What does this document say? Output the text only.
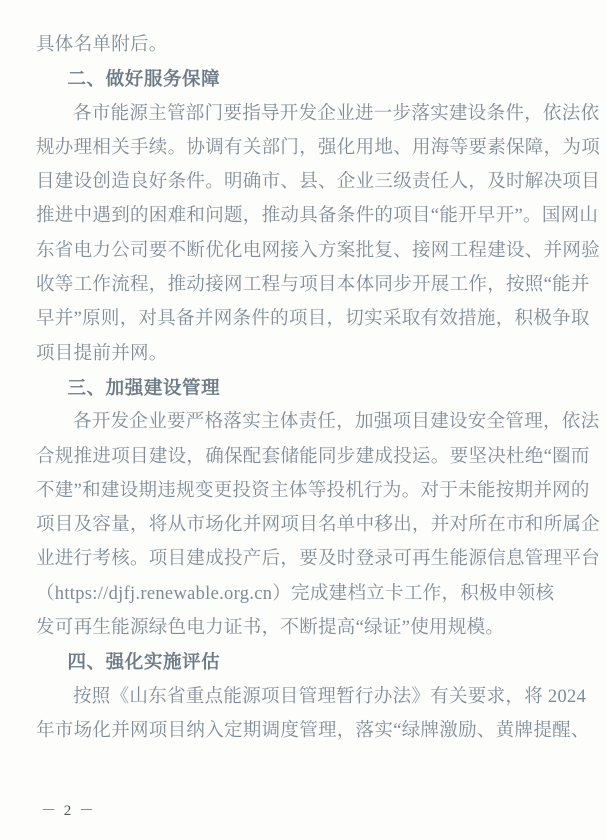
具体名单附后。
二、做好服务保障
各市能源主管部门要指导开发企业进一步落实建设条件，依法依
规办理相关手续。协调有关部门，强化用地、用海等要素保障，为项
目建设创造良好条件。明确市、县、企业三级责任人，及时解决项目
推进中遇到的困难和问题，推动具备条件的项目“能开早开”。国网山
东省电力公司要不断优化电网接入方案批复、接网工程建设、并网验
收等工作流程，推动接网工程与项目本体同步开展工作，按照“能并
早并”原则，对具备并网条件的项目，切实采取有效措施，积极争取
项目提前并网。
三、加强建设管理
各开发企业要严格落实主体责任，加强项目建设安全管理，依法
合规推进项目建设，确保配套储能同步建成投运。要坚决杜绝“圈而
不建”和建设期违规变更投资主体等投机行为。对于未能按期并网的
项目及容量，将从市场化并网项目名单中移出，并对所在市和所属企
业进行考核。项目建成投产后，要及时登录可再生能源信息管理平台
（https://djfj.renewable.org.cn）完成建档立卡工作，积极申领核
发可再生能源绿色电力证书，不断提高“绿证”使用规模。
四、强化实施评估
按照《山东省重点能源项目管理暂行办法》有关要求，将 2024
年市场化并网项目纳入定期调度管理，落实“绿牌激励、黄牌提醒、
－ 2 －
